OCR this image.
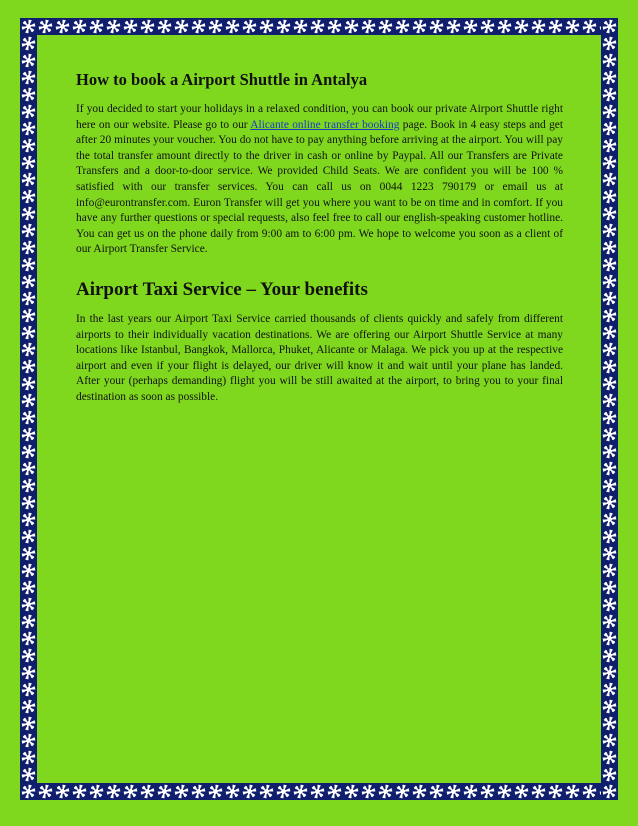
How to book a Airport Shuttle in Antalya

If you decided to start your holidays in a relaxed condition, you can book our private Airport Shuttle right here on our website. Please go to our Alicante online transfer booking page. Book in 4 easy steps and get after 20 minutes your voucher. You do not have to pay anything before arriving at the airport. You will pay the total transfer amount directly to the driver in cash or online by Paypal. All our Transfers are Private Transfers and a door-to-door service. We provided Child Seats. We are confident you will be 100 % satisfied with our transfer services. You can call us on 0044 1223 790179 or email us at info@eurontransfer.com. Euron Transfer will get you where you want to be on time and in comfort. If you have any further questions or special requests, also feel free to call our english-speaking customer hotline. You can get us on the phone daily from 9:00 am to 6:00 pm. We hope to welcome you soon as a client of our Airport Transfer Service.

Airport Taxi Service – Your benefits

In the last years our Airport Taxi Service carried thousands of clients quickly and safely from different airports to their individually vacation destinations. We are offering our Airport Shuttle Service at many locations like Istanbul, Bangkok, Mallorca, Phuket, Alicante or Malaga. We pick you up at the respective airport and even if your flight is delayed, our driver will know it and wait until your plane has landed. After your (perhaps demanding) flight you will be still awaited at the airport, to bring you to your final destination as soon as possible.
